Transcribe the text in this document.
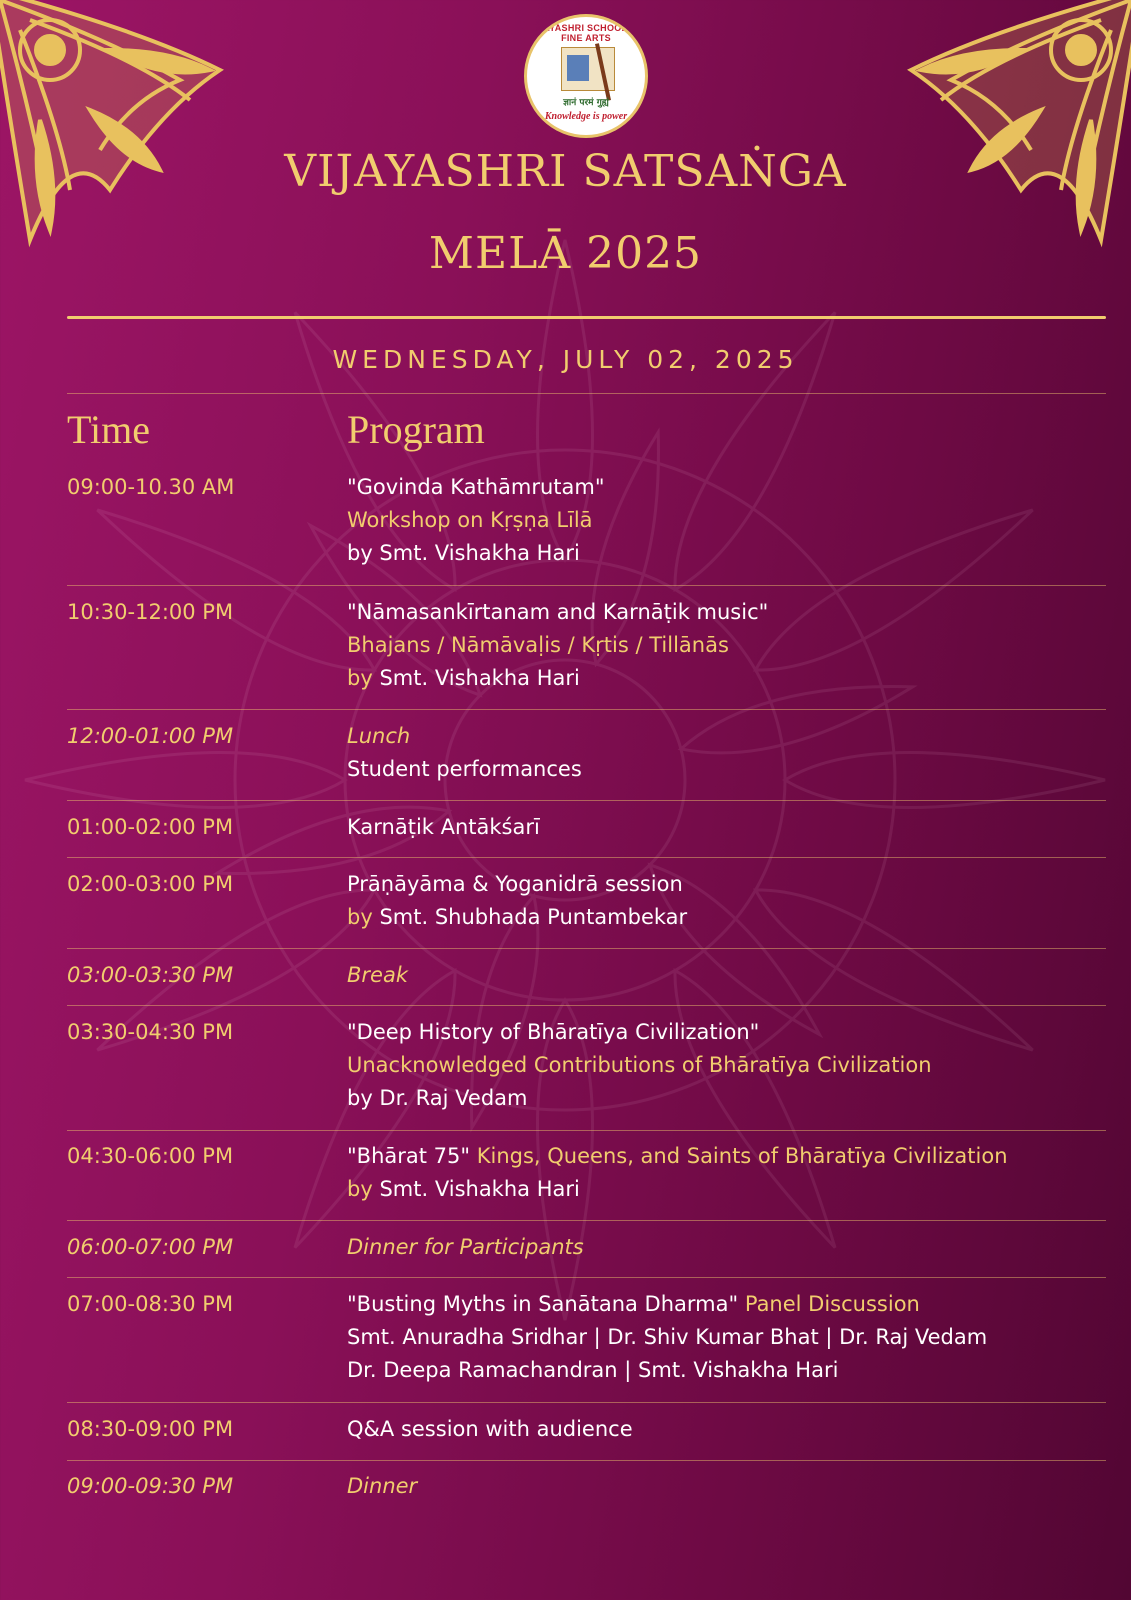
VIJAYASHRI SCHOOL OF FINE ARTS
ज्ञानं परमं गुह्यं
Knowledge is power
VIJAYASHRI SATSAṄGA
MELĀ 2025
WEDNESDAY, JULY 02, 2025
Time	Program
09:00-10.30 AM	"Govinda Kathāmrutam"
Workshop on Kṛṣṇa Līlā
by Smt. Vishakha Hari
10:30-12:00 PM	"Nāmasankīrtanam and Karnāṭik music"
Bhajans / Nāmāvaḷis / Kṛtis / Tillānās
by Smt. Vishakha Hari
12:00-01:00 PM	Lunch
Student performances
01:00-02:00 PM	Karnāṭik Antākśarī
02:00-03:00 PM	Prāṇāyāma & Yoganidrā session
by Smt. Shubhada Puntambekar
03:00-03:30 PM	Break
03:30-04:30 PM	"Deep History of Bhāratīya Civilization"
Unacknowledged Contributions of Bhāratīya Civilization
by Dr. Raj Vedam
04:30-06:00 PM	"Bhārat 75" Kings, Queens, and Saints of Bhāratīya Civilization
by Smt. Vishakha Hari
06:00-07:00 PM	Dinner for Participants
07:00-08:30 PM	"Busting Myths in Sanātana Dharma" Panel Discussion
Smt. Anuradha Sridhar | Dr. Shiv Kumar Bhat | Dr. Raj Vedam
Dr. Deepa Ramachandran | Smt. Vishakha Hari
08:30-09:00 PM	Q&A session with audience
09:00-09:30 PM	Dinner
